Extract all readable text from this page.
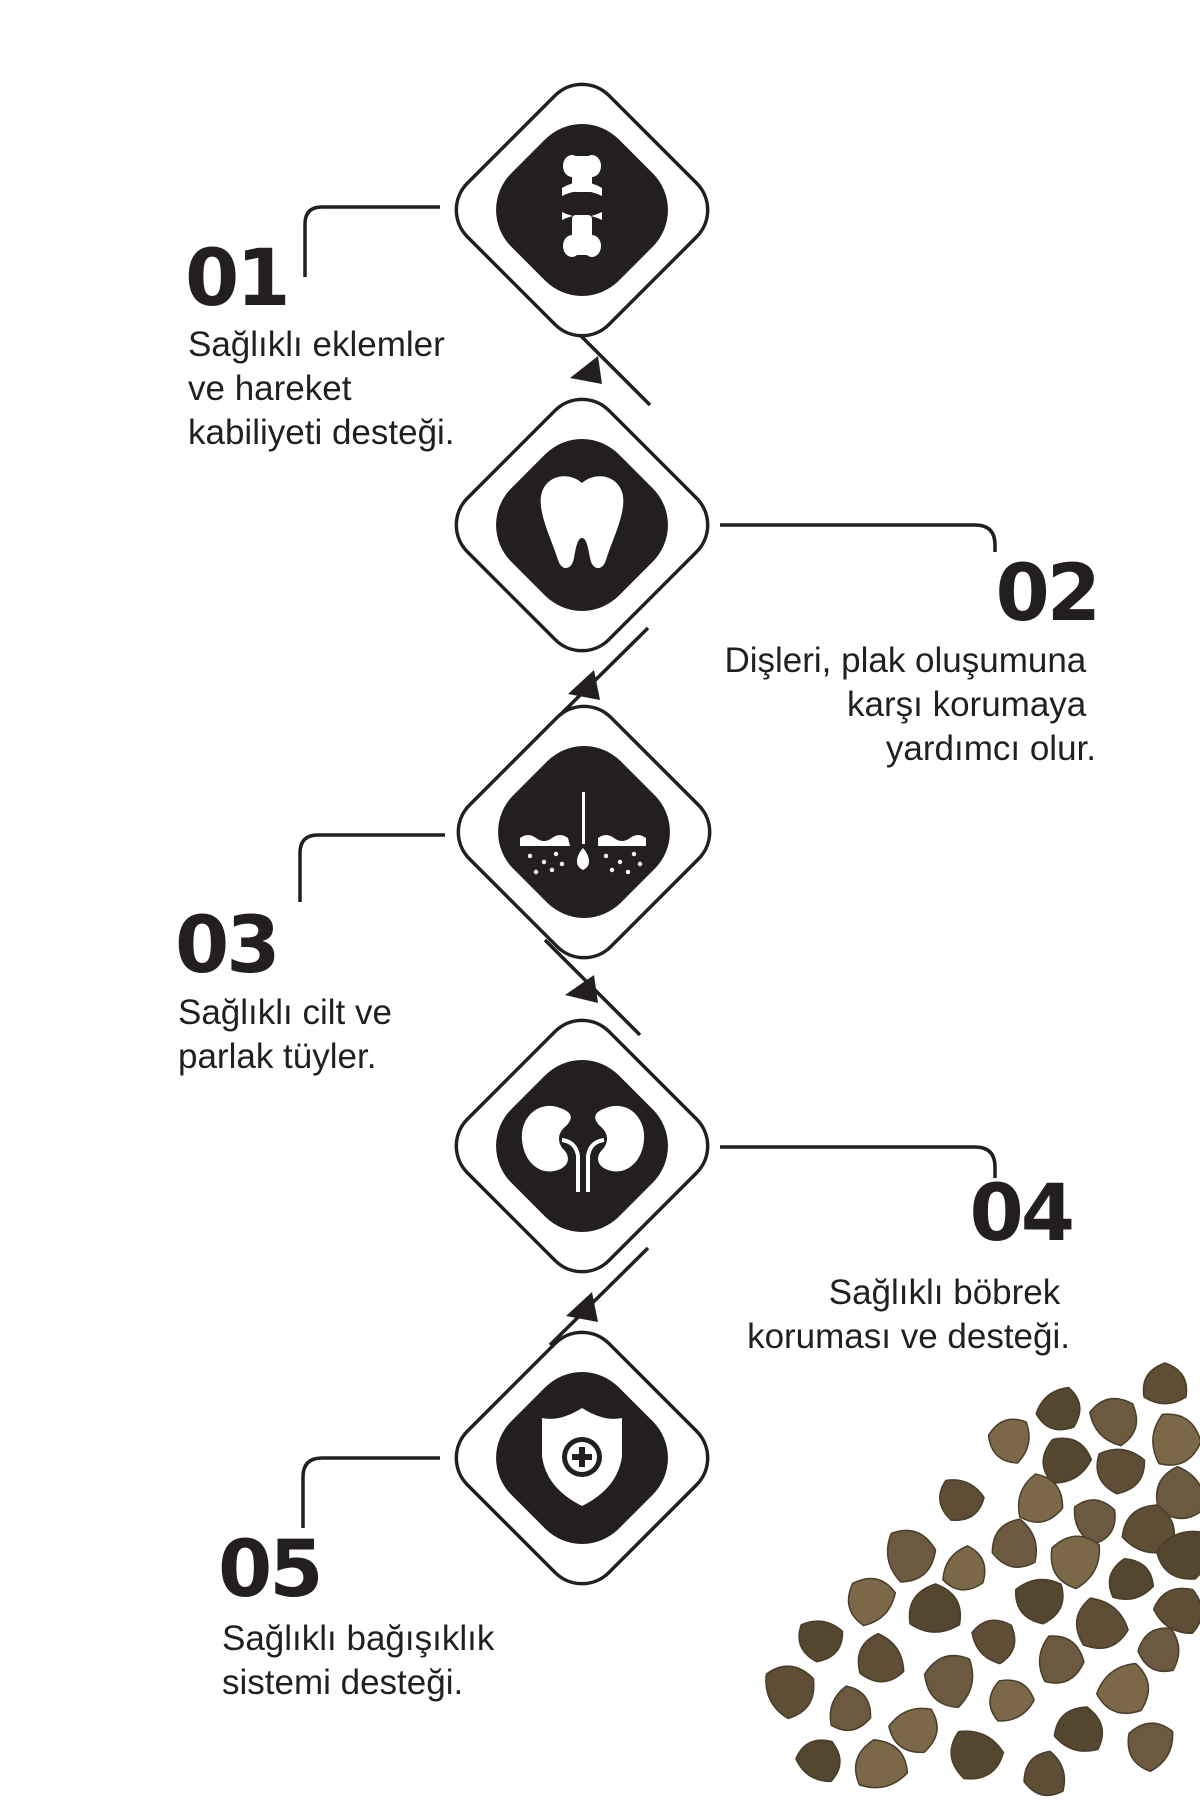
01
Sağlıklı eklemler ve hareket kabiliyeti desteği.
02
Dişleri, plak oluşumuna karşı korumaya yardımcı olur.
03
Sağlıklı cilt ve parlak tüyler.
04
Sağlıklı böbrek koruması ve desteği.
05
Sağlıklı bağışıklık sistemi desteği.
